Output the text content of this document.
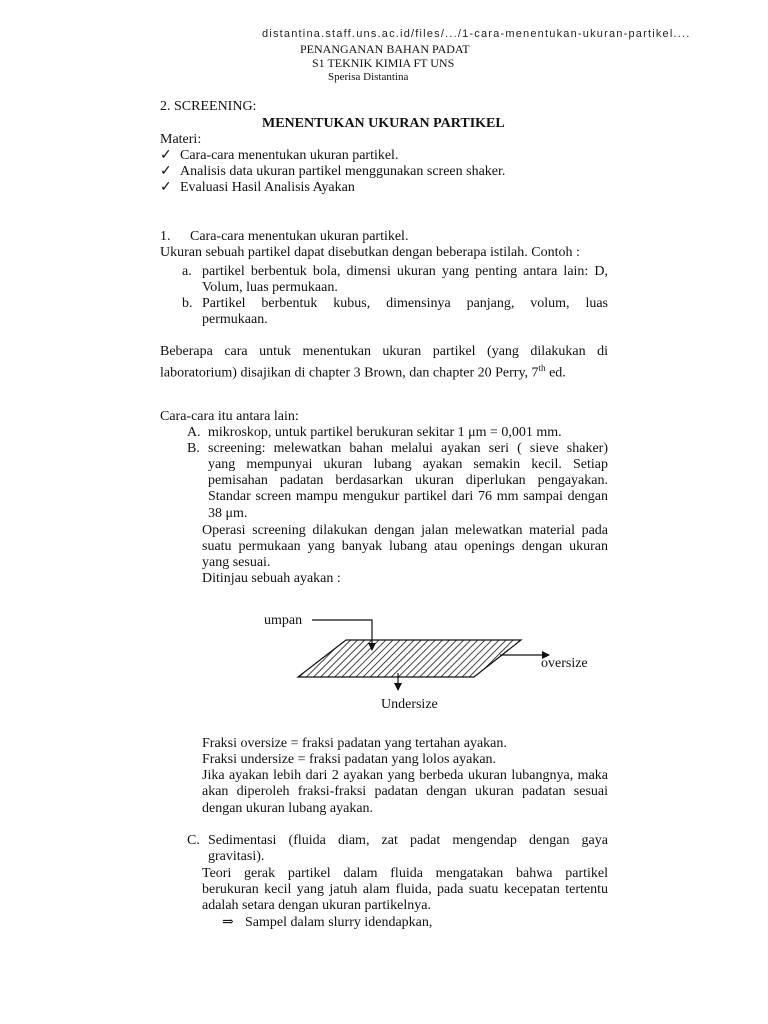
distantina.staff.uns.ac.id/files/.../1-cara-menentukan-ukuran-partikel....
PENANGANAN BAHAN PADAT
S1 TEKNIK KIMIA FT UNS
Sperisa Distantina
2. SCREENING:
MENENTUKAN UKURAN PARTIKEL
Materi:
✓ Cara-cara menentukan ukuran partikel.
✓ Analisis data ukuran partikel menggunakan screen shaker.
✓ Evaluasi Hasil Analisis Ayakan
1. Cara-cara menentukan ukuran partikel.
Ukuran sebuah partikel dapat disebutkan dengan beberapa istilah. Contoh :
a. partikel berbentuk bola, dimensi ukuran yang penting antara lain: D,
Volum, luas permukaan.
b. Partikel berbentuk kubus, dimensinya panjang, volum, luas
permukaan.
Beberapa cara untuk menentukan ukuran partikel (yang dilakukan di
laboratorium) disajikan di chapter 3 Brown, dan chapter 20 Perry, 7th ed.
Cara-cara itu antara lain:
A. mikroskop, untuk partikel berukuran sekitar 1 μm = 0,001 mm.
B. screening: melewatkan bahan melalui ayakan seri ( sieve shaker)
yang mempunyai ukuran lubang ayakan semakin kecil. Setiap
pemisahan padatan berdasarkan ukuran diperlukan pengayakan.
Standar screen mampu mengukur partikel dari 76 mm sampai dengan
38 μm.
Operasi screening dilakukan dengan jalan melewatkan material pada
suatu permukaan yang banyak lubang atau openings dengan ukuran
yang sesuai.
Ditinjau sebuah ayakan :
umpan
oversize
Undersize
Fraksi oversize = fraksi padatan yang tertahan ayakan.
Fraksi undersize = fraksi padatan yang lolos ayakan.
Jika ayakan lebih dari 2 ayakan yang berbeda ukuran lubangnya, maka
akan diperoleh fraksi-fraksi padatan dengan ukuran padatan sesuai
dengan ukuran lubang ayakan.
C. Sedimentasi (fluida diam, zat padat mengendap dengan gaya
gravitasi).
Teori gerak partikel dalam fluida mengatakan bahwa partikel
berukuran kecil yang jatuh alam fluida, pada suatu kecepatan tertentu
adalah setara dengan ukuran partikelnya.
⇒ Sampel dalam slurry idendapkan,
